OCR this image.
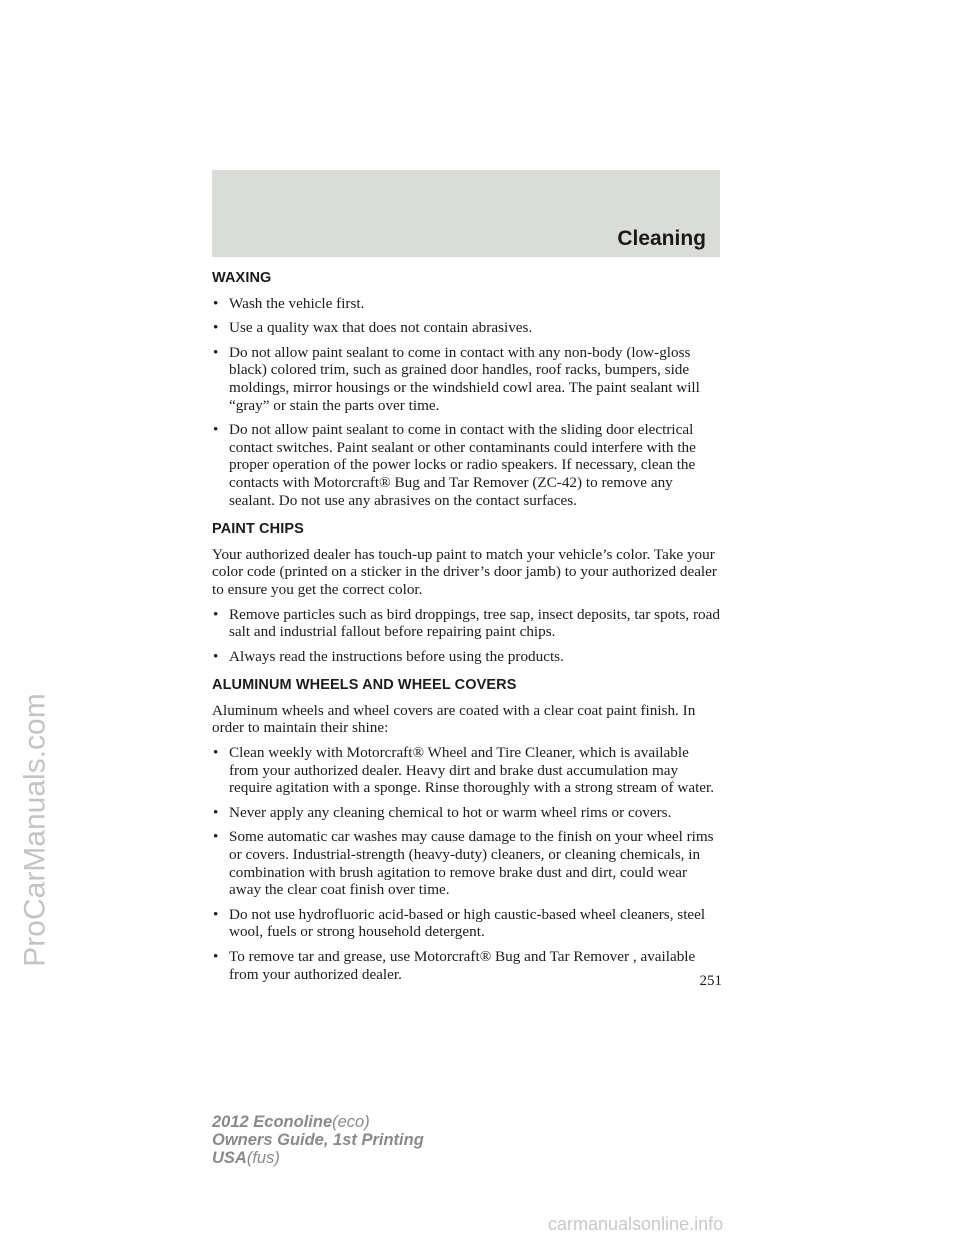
ProCarManuals.com
Cleaning
WAXING
• Wash the vehicle first.
• Use a quality wax that does not contain abrasives.
• Do not allow paint sealant to come in contact with any non-body (low-gloss black) colored trim, such as grained door handles, roof racks, bumpers, side moldings, mirror housings or the windshield cowl area. The paint sealant will “gray” or stain the parts over time.
• Do not allow paint sealant to come in contact with the sliding door electrical contact switches. Paint sealant or other contaminants could interfere with the proper operation of the power locks or radio speakers. If necessary, clean the contacts with Motorcraft® Bug and Tar Remover (ZC-42) to remove any sealant. Do not use any abrasives on the contact surfaces.
PAINT CHIPS
Your authorized dealer has touch-up paint to match your vehicle’s color. Take your color code (printed on a sticker in the driver’s door jamb) to your authorized dealer to ensure you get the correct color.
• Remove particles such as bird droppings, tree sap, insect deposits, tar spots, road salt and industrial fallout before repairing paint chips.
• Always read the instructions before using the products.
ALUMINUM WHEELS AND WHEEL COVERS
Aluminum wheels and wheel covers are coated with a clear coat paint finish. In order to maintain their shine:
• Clean weekly with Motorcraft® Wheel and Tire Cleaner, which is available from your authorized dealer. Heavy dirt and brake dust accumulation may require agitation with a sponge. Rinse thoroughly with a strong stream of water.
• Never apply any cleaning chemical to hot or warm wheel rims or covers.
• Some automatic car washes may cause damage to the finish on your wheel rims or covers. Industrial-strength (heavy-duty) cleaners, or cleaning chemicals, in combination with brush agitation to remove brake dust and dirt, could wear away the clear coat finish over time.
• Do not use hydrofluoric acid-based or high caustic-based wheel cleaners, steel wool, fuels or strong household detergent.
• To remove tar and grease, use Motorcraft® Bug and Tar Remover , available from your authorized dealer.	251
2012 Econoline(eco)
Owners Guide, 1st Printing
USA(fus)
carmanualsonline.info
